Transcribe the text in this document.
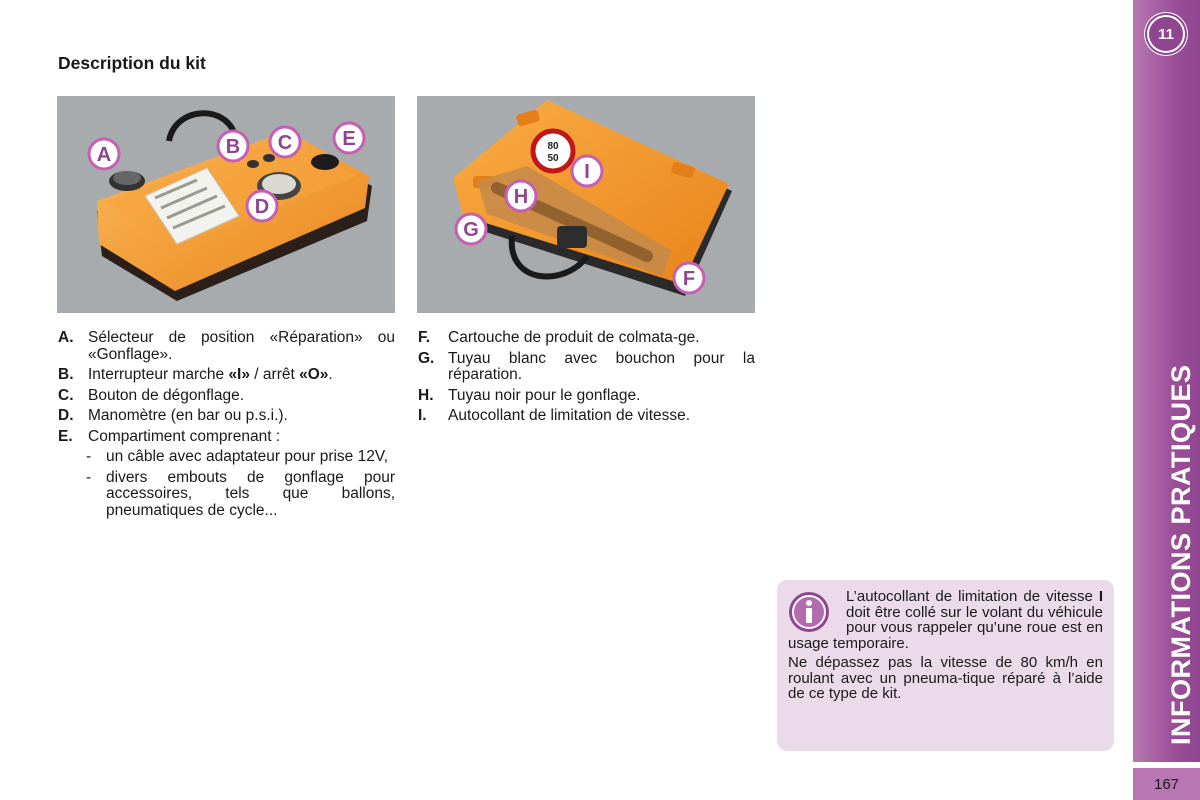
Description du kit
A	B C
D
E	80
50
F
G
H
I
A. Sélecteur de position «Réparation» ou «Gonflage».
B. Interrupteur marche «I» / arrêt «O».
C. Bouton de dégonflage.
D. Manomètre (en bar ou p.s.i.).
E. Compartiment comprenant :
- un câble avec adaptateur pour prise 12V,
- divers embouts de gonflage pour accessoires, tels que ballons, pneumatiques de cycle...
F.	Cartouche de produit de colmata-ge.
G. Tuyau blanc avec bouchon pour la réparation.
H. Tuyau noir pour le gonflage.
I.	Autocollant de limitation de vitesse.

L’autocollant de limitation de vitesse I doit être collé sur le volant du véhicule pour vous rappeler qu’une roue est en usage temporaire.

Ne dépassez pas la vitesse de 80 km/h en roulant avec un pneuma-tique réparé à l’aide de ce type de kit.

11
INFORMATIONS PRATIQUES
167
